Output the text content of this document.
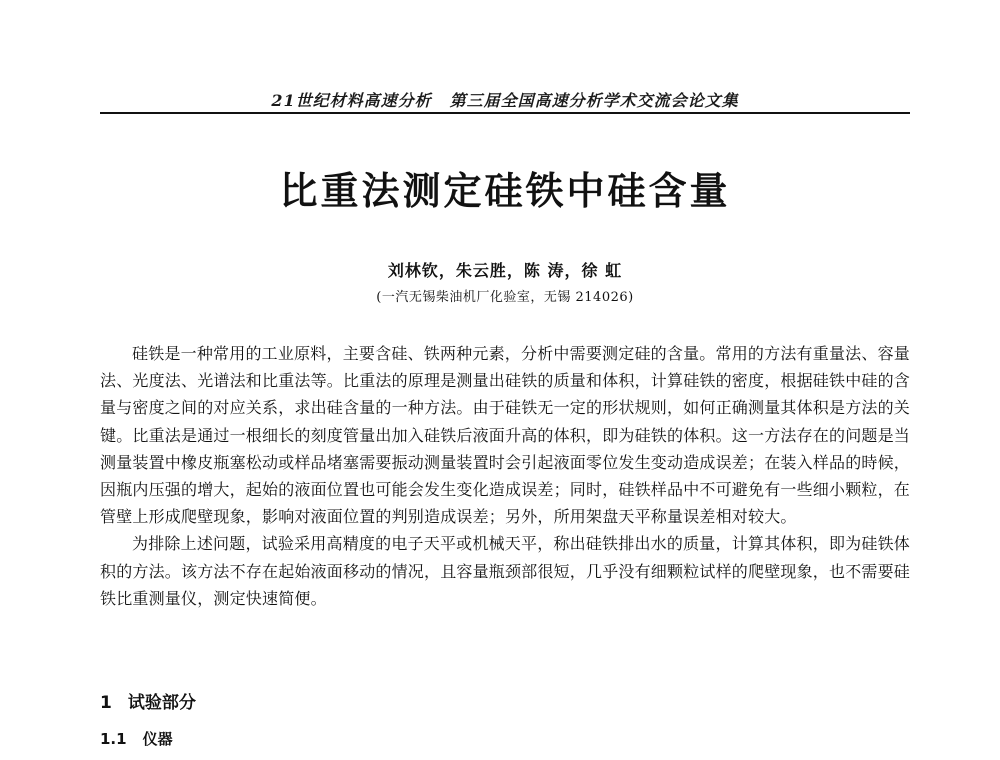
21世纪材料高速分析 第三届全国高速分析学术交流会论文集
比重法测定硅铁中硅含量
刘林钦，朱云胜，陈 涛，徐 虹
(一汽无锡柴油机厂化验室，无锡 214026)

硅铁是一种常用的工业原料，主要含硅、铁两种元素，分析中需要测定硅的含量。常用的方法有重量法、容量法、光度法、光谱法和比重法等。比重法的原理是测量出硅铁的质量和体积，计算硅铁的密度，根据硅铁中硅的含量与密度之间的对应关系，求出硅含量的一种方法。由于硅铁无一定的形状规则，如何正确测量其体积是方法的关键。比重法是通过一根细长的刻度管量出加入硅铁后液面升高的体积，即为硅铁的体积。这一方法存在的问题是当测量装置中橡皮瓶塞松动或样品堵塞需要振动测量装置时会引起液面零位发生变动造成误差；在装入样品的時候，因瓶内压强的增大，起始的液面位置也可能会发生变化造成误差；同时，硅铁样品中不可避免有一些细小颗粒，在管壁上形成爬壁现象，影响对液面位置的判别造成误差；另外，所用架盘天平称量误差相对较大。

为排除上述问题，试验采用高精度的电子天平或机械天平，称出硅铁排出水的质量，计算其体积，即为硅铁体积的方法。该方法不存在起始液面移动的情况，且容量瓶颈部很短，几乎没有细颗粒试样的爬壁现象，也不需要硅铁比重测量仪，测定快速简便。

1 试验部分
1.1 仪器
